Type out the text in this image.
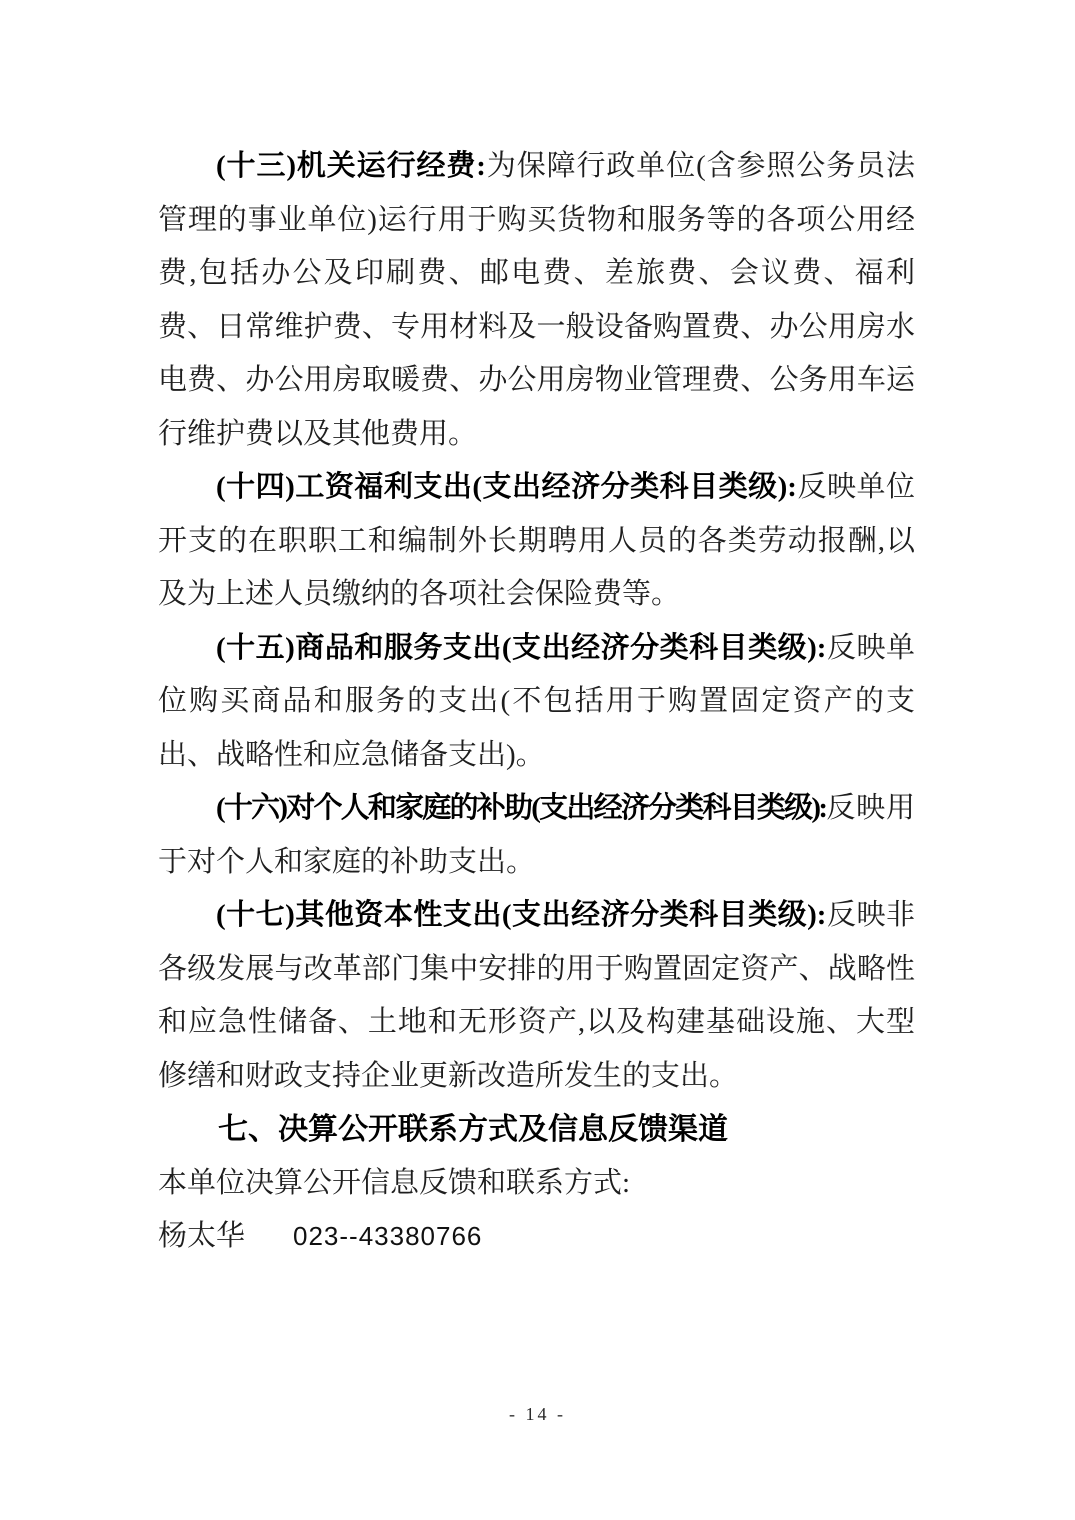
(十三)机关运行经费:为保障行政单位(含参照公务员法管理的事业单位)运行用于购买货物和服务等的各项公用经费,包括办公及印刷费、邮电费、差旅费、会议费、福利费、日常维护费、专用材料及一般设备购置费、办公用房水电费、办公用房取暖费、办公用房物业管理费、公务用车运行维护费以及其他费用。

(十四)工资福利支出(支出经济分类科目类级):反映单位开支的在职职工和编制外长期聘用人员的各类劳动报酬,以及为上述人员缴纳的各项社会保险费等。

(十五)商品和服务支出(支出经济分类科目类级):反映单位购买商品和服务的支出(不包括用于购置固定资产的支出、战略性和应急储备支出)。

(十六)对个人和家庭的补助(支出经济分类科目类级):反映用于对个人和家庭的补助支出。

(十七)其他资本性支出(支出经济分类科目类级):反映非各级发展与改革部门集中安排的用于购置固定资产、战略性和应急性储备、土地和无形资产,以及构建基础设施、大型修缮和财政支持企业更新改造所发生的支出。

七、决算公开联系方式及信息反馈渠道

本单位决算公开信息反馈和联系方式:

杨太华 023--43380766

- 14 -
